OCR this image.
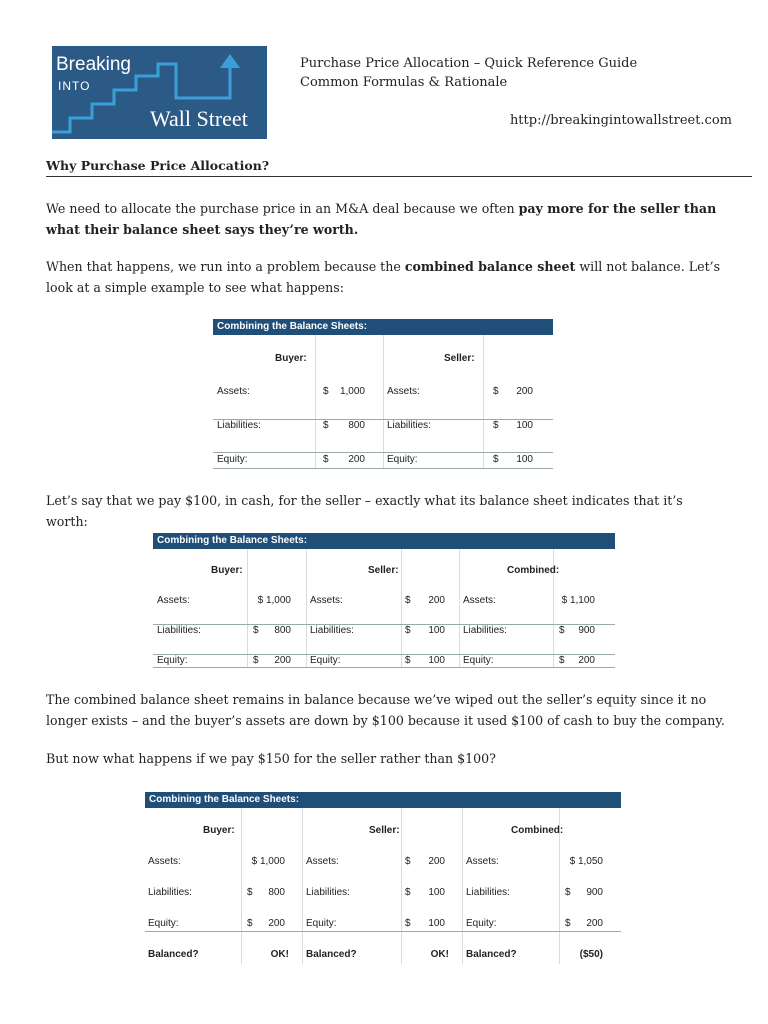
Breaking
INTO
Wall Street
Purchase Price Allocation – Quick Reference Guide
Common Formulas & Rationale
http://breakingintowallstreet.com
Why Purchase Price Allocation?
We need to allocate the purchase price in an M&A deal because we often pay more for the seller than what their balance sheet says they’re worth.
When that happens, we run into a problem because the combined balance sheet will not balance. Let’s look at a simple example to see what happens:
Combining the Balance Sheets:
Buyer:	Seller:
Assets:	$	1,000 Assets:	$	200
Liabilities:	$	800 Liabilities:	$	100
Equity:	$	200 Equity:	$	100
Let’s say that we pay $100, in cash, for the seller – exactly what its balance sheet indicates that it’s worth:
Combining the Balance Sheets:
Buyer:	Seller:	Combined:
Assets:	$ 1,000 Assets:	$	200 Assets:	$ 1,100
Liabilities:	$	800 Liabilities:	$	100 Liabilities:	$	900
Equity:	$	200 Equity:	$	100 Equity:	$	200
The combined balance sheet remains in balance because we’ve wiped out the seller’s equity since it no longer exists – and the buyer’s assets are down by $100 because it used $100 of cash to buy the company.
But now what happens if we pay $150 for the seller rather than $100?
Combining the Balance Sheets:
Buyer:	Seller:	Combined:
Assets:	$ 1,000 Assets:	$	200 Assets:	$ 1,050
Liabilities:	$	800 Liabilities:	$	100 Liabilities:	$	900
Equity:	$	200 Equity:	$	100 Equity:	$	200
Balanced?	OK! Balanced?	OK! Balanced?	($50)
